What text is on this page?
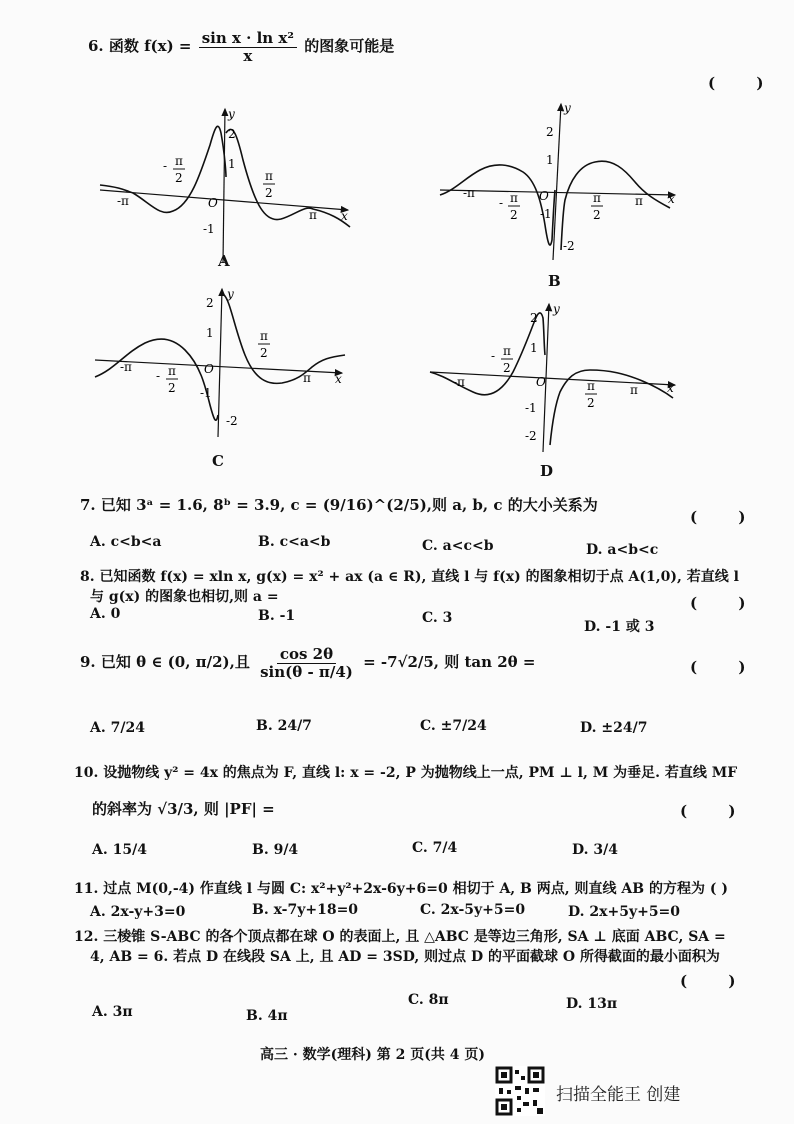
6. 函数 $f(x) = \frac{\text{sin x · ln x²}}{x}$ 的图象可能是
( )
-π
- π
2	π
2
O
π x
y
2
1
-1
A
-π
- π
2
π
2
O	π x
y
2
1
-1
-2
B
-π
- π
2
π
2
O
π x
y
2
1
-1
-2
C
-π
- π
2
π
2
O
π x
y
2
1
-1
-2
D
7. 已知 3ᵃ = 1.6, 8ᵇ = 3.9, c = (9/16)^(2/5),则 a, b, c 的大小关系为
( )
A. c<b<a	B. c<a<b	C. a<c<b	D. a<b<c
8. 已知函数 f(x) = xln x, g(x) = x² + ax (a ∈ R), 直线 l 与 f(x) 的图象相切于点 A(1,0), 若直线 l
与 g(x) 的图象也相切,则 a =	( )
A. 0	B. -1	C. 3
D. -1 或 3
9. 已知 θ ∈ (0, π/2),且 $\frac{\cos 2\theta}{\sin(\theta - \pi/4)} = -7√2/5$, 则 tan 2θ =	( )
A. 7/24	B. 24/7	C. ±7/24	D. ±24/7
10. 设抛物线 y² = 4x 的焦点为 F, 直线 l: x = -2, P 为抛物线上一点, PM ⊥ l, M 为垂足. 若直线 MF
的斜率为 √3/3, 则 |PF| =	( )
A. 15/4	B. 9/4	C. 7/4	D. 3/4
11. 过点 M(0,-4) 作直线 l 与圆 C: x²+y²+2x-6y+6=0 相切于 A, B 两点, 则直线 AB 的方程为 ( )
A. 2x-y+3=0	B. x-7y+18=0	C. 2x-5y+5=0	D. 2x+5y+5=0
12. 三棱锥 S-ABC 的各个顶点都在球 O 的表面上, 且 △ABC 是等边三角形, SA ⊥ 底面 ABC, SA =
4, AB = 6. 若点 D 在线段 SA 上, 且 AD = 3SD, 则过点 D 的平面截球 O 所得截面的最小面积为
( )
A. 3π	B. 4π
C. 8π	D. 13π
高三 · 数学(理科) 第 2 页(共 4 页)
扫描全能王 创建
